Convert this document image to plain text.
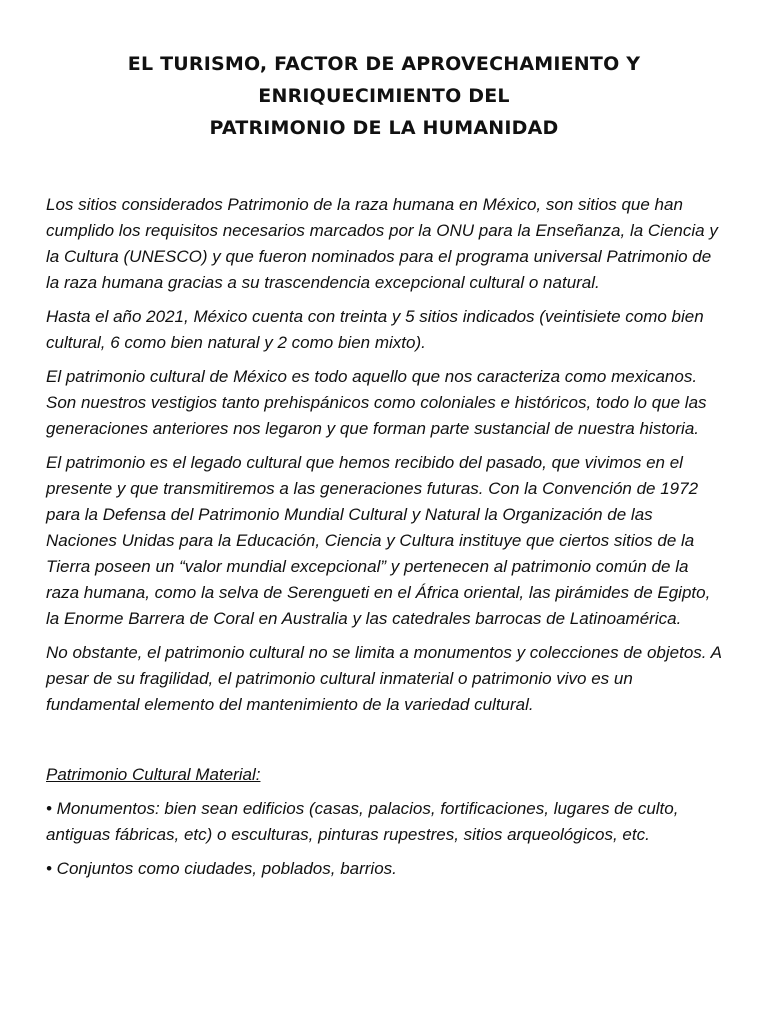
EL TURISMO, FACTOR DE APROVECHAMIENTO Y ENRIQUECIMIENTO DEL
PATRIMONIO DE LA HUMANIDAD

Los sitios considerados Patrimonio de la raza humana en México, son sitios que han cumplido los requisitos necesarios marcados por la ONU para la Enseñanza, la Ciencia y la Cultura (UNESCO) y que fueron nominados para el programa universal Patrimonio de la raza humana gracias a su trascendencia excepcional cultural o natural.

Hasta el año 2021, México cuenta con treinta y 5 sitios indicados (veintisiete como bien cultural, 6 como bien natural y 2 como bien mixto).

El patrimonio cultural de México es todo aquello que nos caracteriza como mexicanos. Son nuestros vestigios tanto prehispánicos como coloniales e históricos, todo lo que las generaciones anteriores nos legaron y que forman parte sustancial de nuestra historia.

El patrimonio es el legado cultural que hemos recibido del pasado, que vivimos en el presente y que transmitiremos a las generaciones futuras. Con la Convención de 1972 para la Defensa del Patrimonio Mundial Cultural y Natural la Organización de las Naciones Unidas para la Educación, Ciencia y Cultura instituye que ciertos sitios de la Tierra poseen un “valor mundial excepcional” y pertenecen al patrimonio común de la raza humana, como la selva de Serengueti en el África oriental, las pirámides de Egipto, la Enorme Barrera de Coral en Australia y las catedrales barrocas de Latinoamérica.

No obstante, el patrimonio cultural no se limita a monumentos y colecciones de objetos. A pesar de su fragilidad, el patrimonio cultural inmaterial o patrimonio vivo es un fundamental elemento del mantenimiento de la variedad cultural.

Patrimonio Cultural Material:

• Monumentos: bien sean edificios (casas, palacios, fortificaciones, lugares de culto, antiguas fábricas, etc) o esculturas, pinturas rupestres, sitios arqueológicos, etc.

• Conjuntos como ciudades, poblados, barrios.
